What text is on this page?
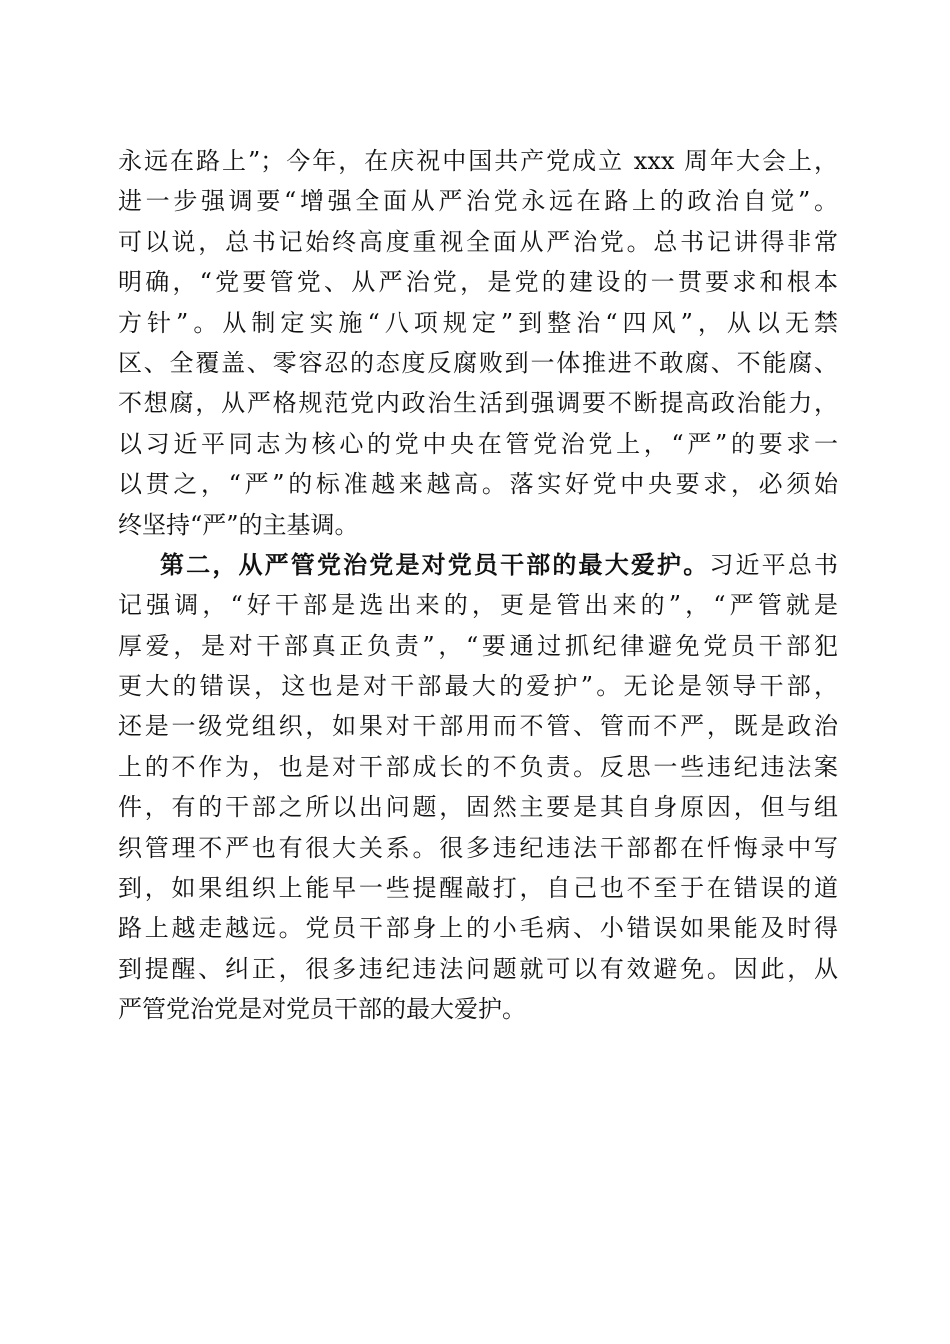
永远在路上”；今年，在庆祝中国共产党成立 xxx 周年大会上，
进一步强调要“增强全面从严治党永远在路上的政治自觉”。
可以说，总书记始终高度重视全面从严治党。总书记讲得非常
明确，“党要管党、从严治党，是党的建设的一贯要求和根本
方针”。从制定实施“八项规定”到整治“四风”，从以无禁
区、全覆盖、零容忍的态度反腐败到一体推进不敢腐、不能腐、
不想腐，从严格规范党内政治生活到强调要不断提高政治能力，
以习近平同志为核心的党中央在管党治党上，“严”的要求一
以贯之，“严”的标准越来越高。落实好党中央要求，必须始
终坚持“严”的主基调。
第二，从严管党治党是对党员干部的最大爱护。习近平总书
记强调，“好干部是选出来的，更是管出来的”，“严管就是
厚爱，是对干部真正负责”，“要通过抓纪律避免党员干部犯
更大的错误，这也是对干部最大的爱护”。无论是领导干部，
还是一级党组织，如果对干部用而不管、管而不严，既是政治
上的不作为，也是对干部成长的不负责。反思一些违纪违法案
件，有的干部之所以出问题，固然主要是其自身原因，但与组
织管理不严也有很大关系。很多违纪违法干部都在忏悔录中写
到，如果组织上能早一些提醒敲打，自己也不至于在错误的道
路上越走越远。党员干部身上的小毛病、小错误如果能及时得
到提醒、纠正，很多违纪违法问题就可以有效避免。因此，从
严管党治党是对党员干部的最大爱护。
